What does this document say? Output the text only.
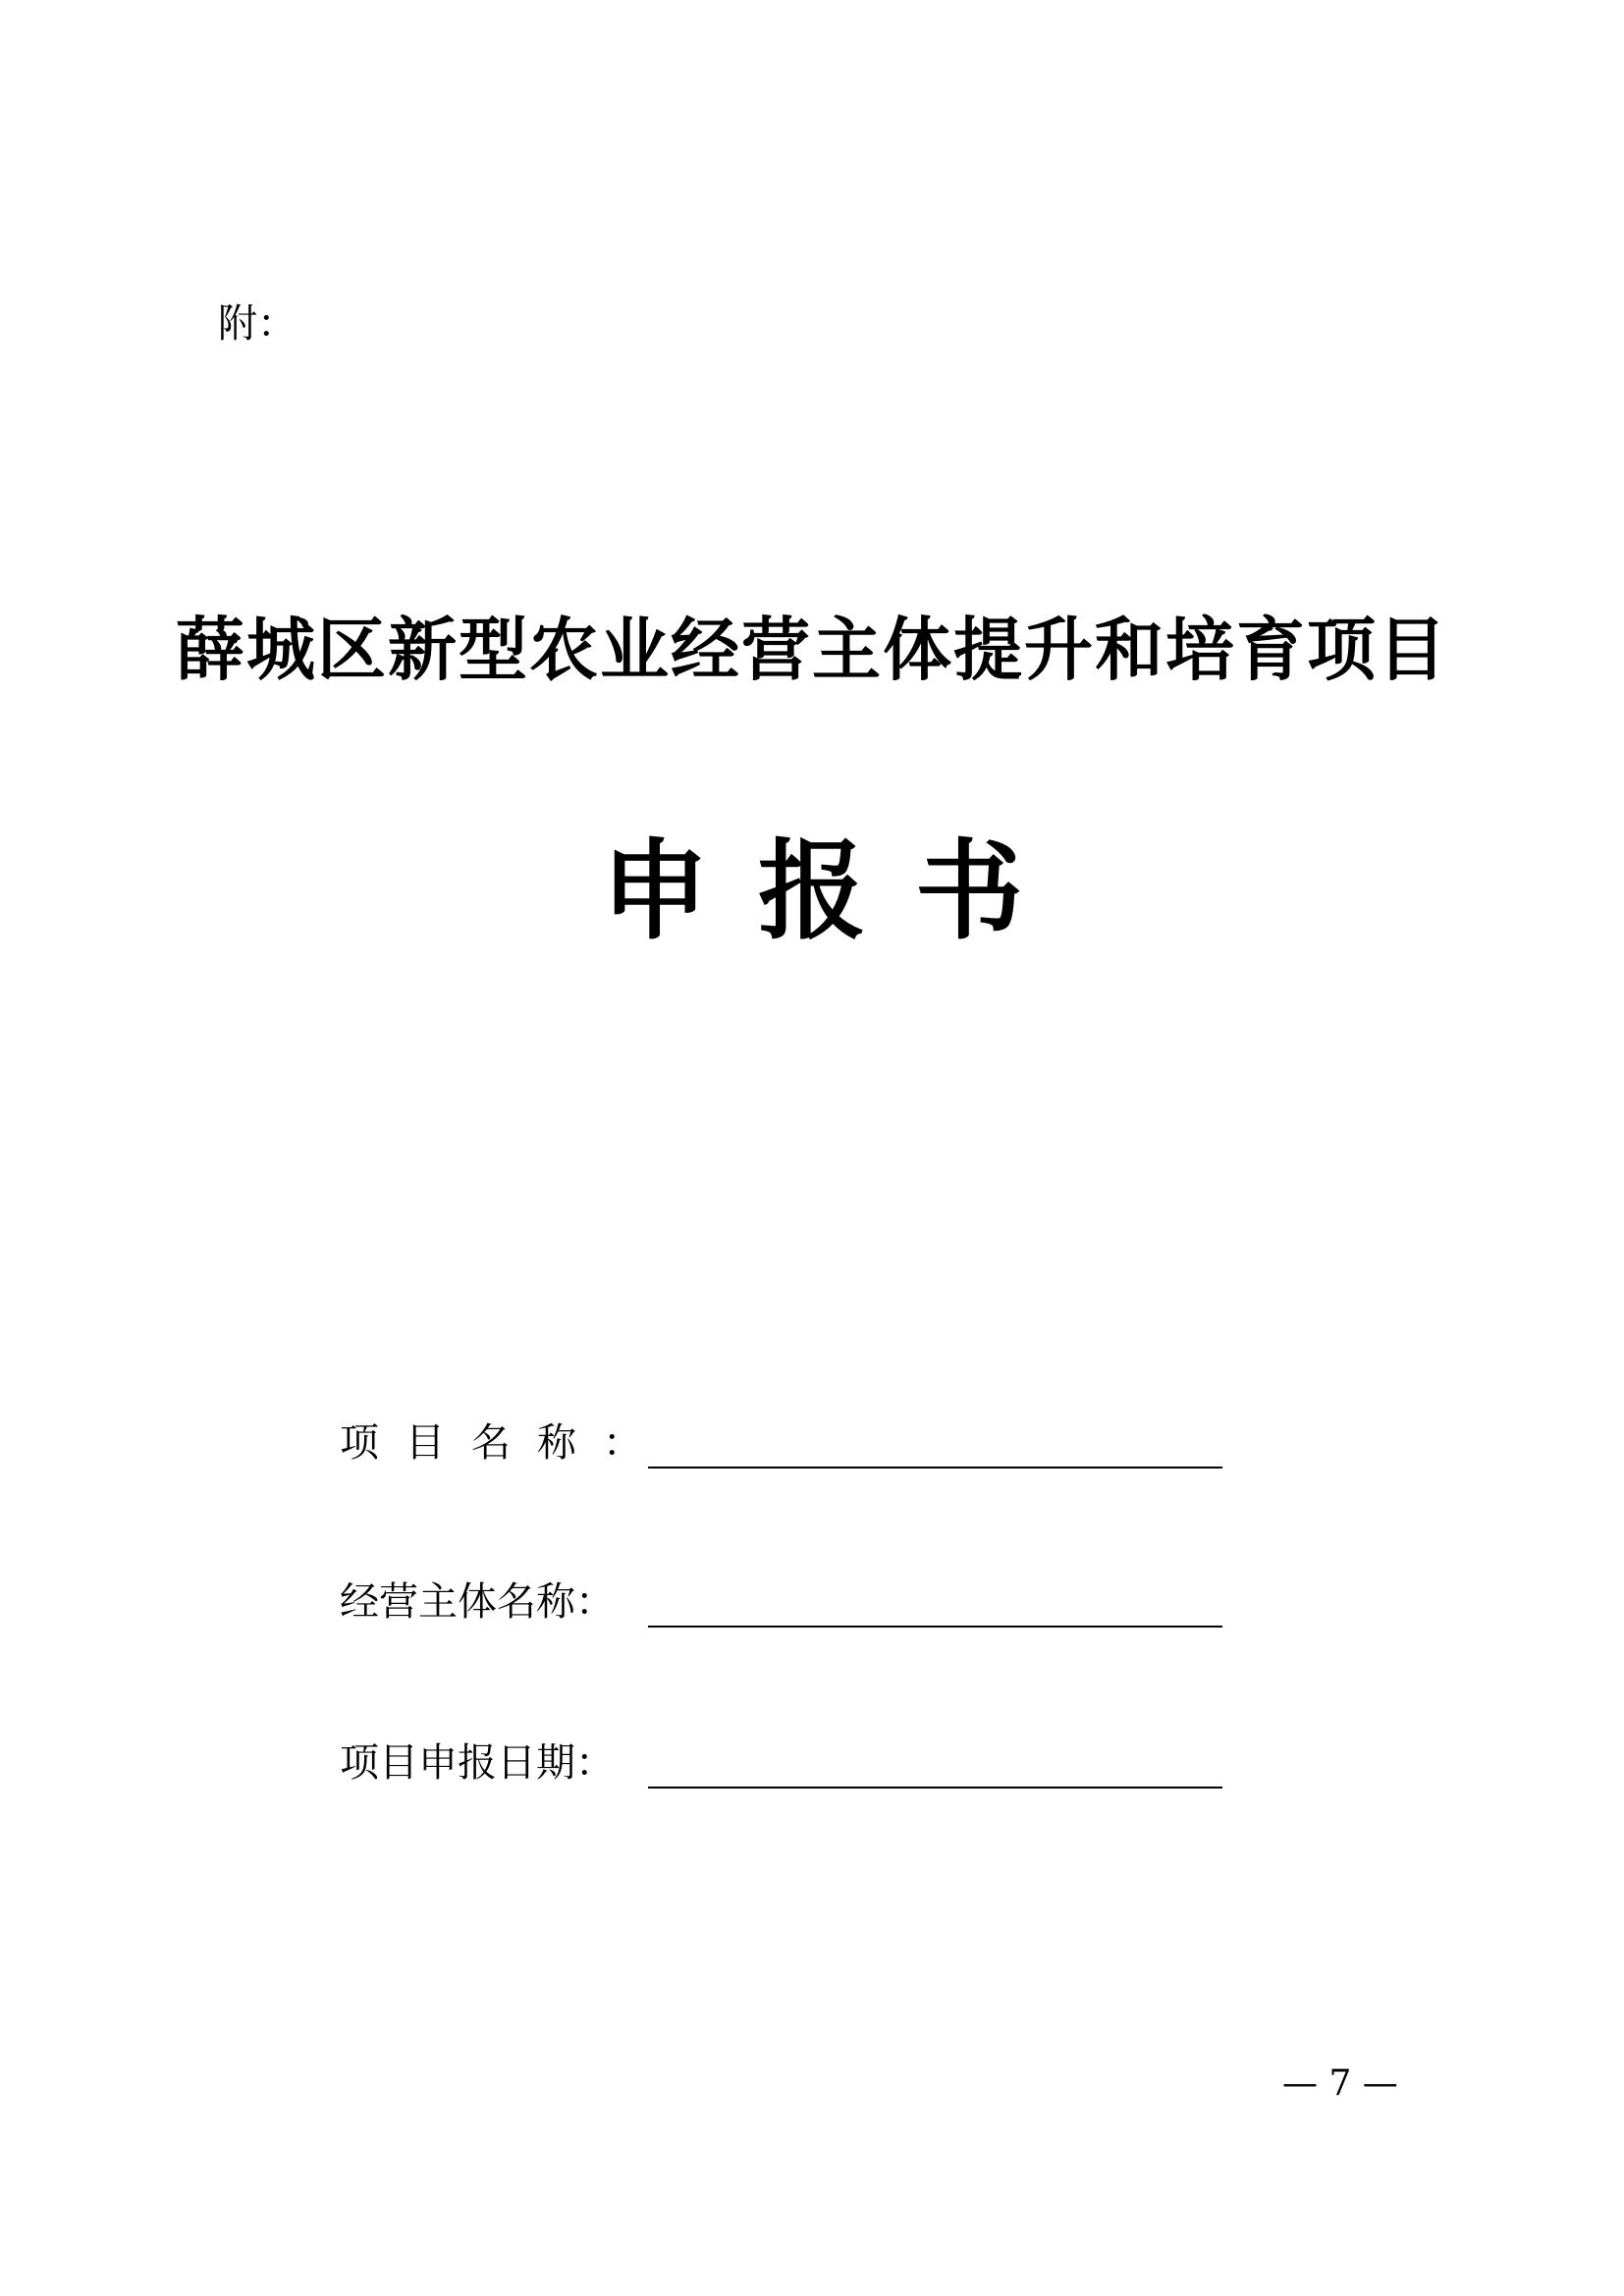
附：
薛城区新型农业经营主体提升和培育项目
申报书
项目名称：
经营主体名称：
项目申报日期：
— 7 —
